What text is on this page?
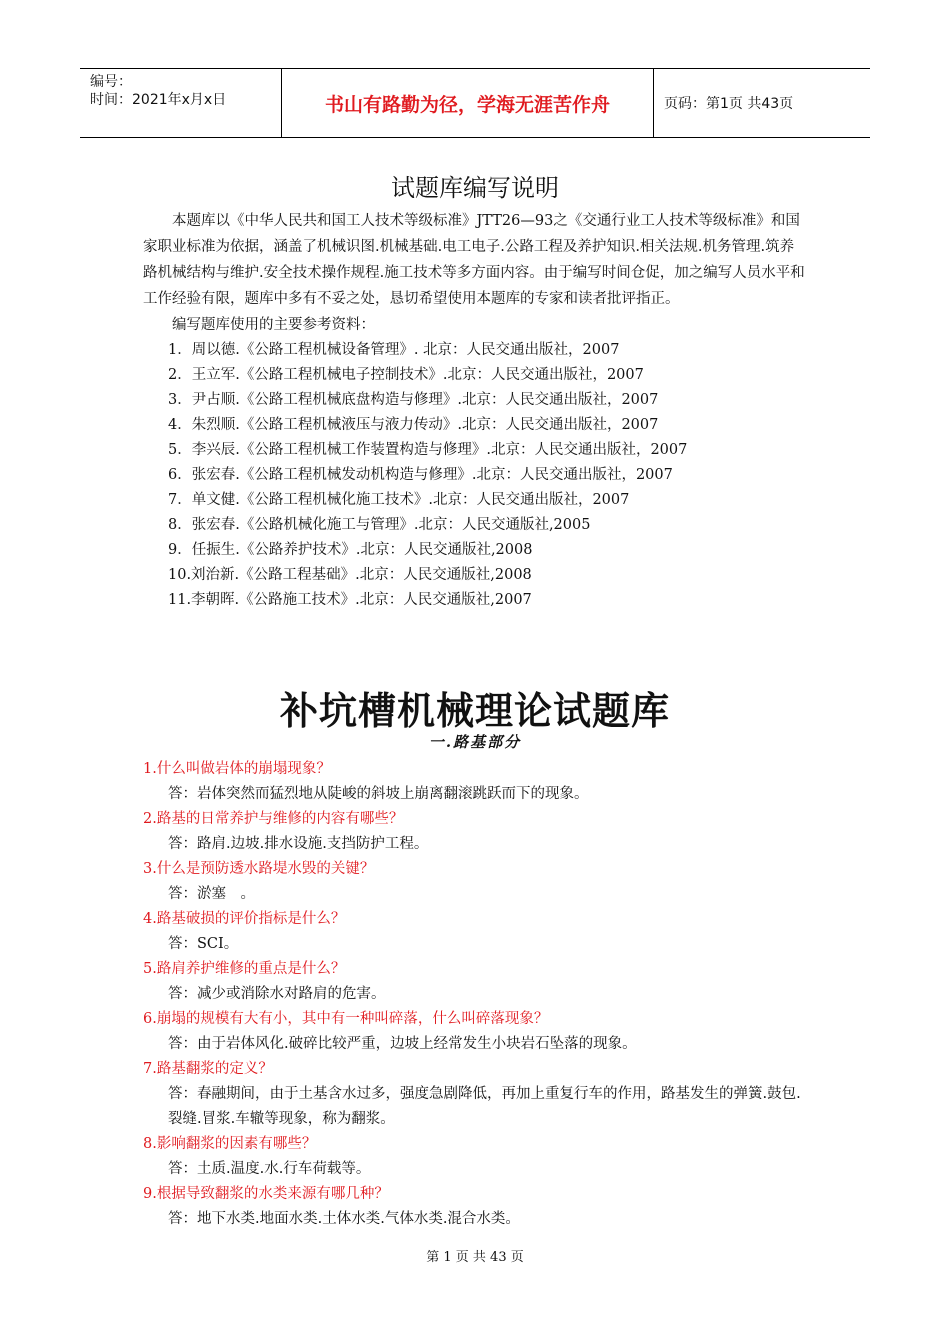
编号：
时间：2021年x月x日	书山有路勤为径，学海无涯苦作舟	页码：第1页 共43页
试题库编写说明

本题库以《中华人民共和国工人技术等级标准》JTT26—93之《交通行业工人技术等级标准》和国家职业标准为依据，涵盖了机械识图.机械基础.电工电子.公路工程及养护知识.相关法规.机务管理.筑养路机械结构与维护.安全技术操作规程.施工技术等多方面内容。由于编写时间仓促，加之编写人员水平和工作经验有限，题库中多有不妥之处，恳切希望使用本题库的专家和读者批评指正。

编写题库使用的主要参考资料：

1．周以德.《公路工程机械设备管理》. 北京：人民交通出版社，2007
2．王立军.《公路工程机械电子控制技术》.北京：人民交通出版社，2007
3．尹占顺.《公路工程机械底盘构造与修理》.北京：人民交通出版社，2007
4．朱烈顺.《公路工程机械液压与液力传动》.北京：人民交通出版社，2007
5．李兴辰.《公路工程机械工作装置构造与修理》.北京：人民交通出版社，2007
6．张宏春.《公路工程机械发动机构造与修理》.北京：人民交通出版社，2007
7．单文健.《公路工程机械化施工技术》.北京：人民交通出版社，2007
8．张宏春.《公路机械化施工与管理》.北京：人民交通版社,2005
9．任振生.《公路养护技术》.北京：人民交通版社,2008
10.刘治新.《公路工程基础》.北京：人民交通版社,2008
11.李朝晖.《公路施工技术》.北京：人民交通版社,2007
补坑槽机械理论试题库
一.路基部分
1.什么叫做岩体的崩塌现象？
答：岩体突然而猛烈地从陡峻的斜坡上崩离翻滚跳跃而下的现象。
2.路基的日常养护与维修的内容有哪些？
答：路肩.边坡.排水设施.支挡防护工程。
3.什么是预防透水路堤水毁的关键？
答：淤塞　。
4.路基破损的评价指标是什么？
答：SCI。
5.路肩养护维修的重点是什么？
答：减少或消除水对路肩的危害。
6.崩塌的规模有大有小，其中有一种叫碎落，什么叫碎落现象？
答：由于岩体风化.破碎比较严重，边坡上经常发生小块岩石坠落的现象。
7.路基翻浆的定义？
答：春融期间，由于土基含水过多，强度急剧降低，再加上重复行车的作用，路基发生的弹簧.鼓包.裂缝.冒浆.车辙等现象，称为翻浆。
8.影响翻浆的因素有哪些？
答：土质.温度.水.行车荷载等。
9.根据导致翻浆的水类来源有哪几种？
答：地下水类.地面水类.土体水类.气体水类.混合水类。
第 1 页 共 43 页
